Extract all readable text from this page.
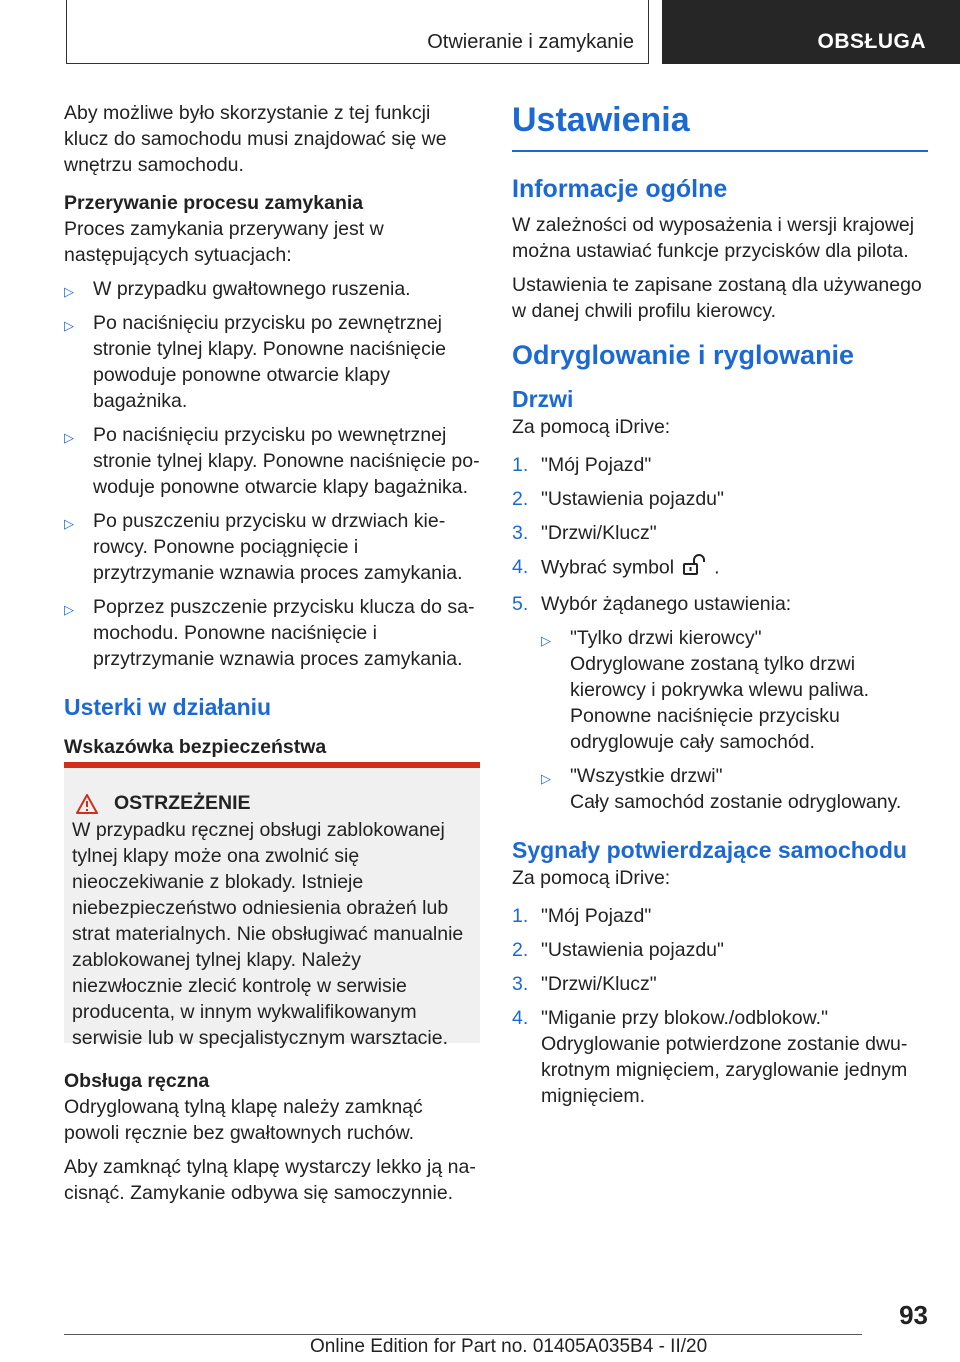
Otwieranie i zamykanie	OBSŁUGA

Aby możliwe było skorzystanie z tej funkcji klucz do samochodu musi znajdować się we wnętrzu samochodu.

Przerywanie procesu zamykania

Proces zamykania przerywany jest w następujących sytuacjach:

▷ W przypadku gwałtownego ruszenia.
▷ Po naciśnięciu przycisku po zewnętrznej stronie tylnej klapy. Ponowne naciśnięcie powoduje ponowne otwarcie klapy bagażnika.
▷ Po naciśnięciu przycisku po wewnętrznej stronie tylnej klapy. Ponowne naciśnięcie powoduje ponowne otwarcie klapy bagażnika.
▷ Po puszczeniu przycisku w drzwiach kierowcy. Ponowne pociągnięcie i przytrzymanie wznawia proces zamykania.
▷ Poprzez puszczenie przycisku klucza do samochodu. Ponowne naciśnięcie i przytrzymanie wznawia proces zamykania.
Usterki w działaniu
Wskazówka bezpieczeństwa
OSTRZEŻENIE

W przypadku ręcznej obsługi zablokowanej tylnej klapy może ona zwolnić się nieoczekiwanie z blokady. Istnieje niebezpieczeństwo odniesienia obrażeń lub strat materialnych. Nie obsługiwać manualnie zablokowanej tylnej klapy. Należy niezwłocznie zlecić kontrolę w serwisie producenta, w innym wykwalifikowanym serwisie lub w specjalistycznym warsztacie.

Obsługa ręczna

Odryglowaną tylną klapę należy zamknąć powoli ręcznie bez gwałtownych ruchów.

Aby zamknąć tylną klapę wystarczy lekko ją nacisnąć. Zamykanie odbywa się samoczynnie.

Ustawienia
Informacje ogólne

W zależności od wyposażenia i wersji krajowej można ustawiać funkcje przycisków dla pilota.

Ustawienia te zapisane zostaną dla używanego w danej chwili profilu kierowcy.

Odryglowanie i ryglowanie
Drzwi

Za pomocą iDrive:

1. "Mój Pojazd"
2. "Ustawienia pojazdu"
3. "Drzwi/Klucz"
4. Wybrać symbol .
5. Wybór żądanego ustawienia:
▷ "Tylko drzwi kierowcy"
Odryglowane zostaną tylko drzwi kierowcy i pokrywka wlewu paliwa. Ponowne naciśnięcie przycisku odryglowuje cały samochód.
▷ "Wszystkie drzwi"
Cały samochód zostanie odryglowany.
Sygnały potwierdzające samochodu

Za pomocą iDrive:

1. "Mój Pojazd"
2. "Ustawienia pojazdu"
3. "Drzwi/Klucz"
4. "Miganie przy blokow./odblokow."
Odryglowanie potwierdzone zostanie dwukrotnym mignięciem, zaryglowanie jednym mignięciem.
93
Online Edition for Part no. 01405A035B4 - II/20
